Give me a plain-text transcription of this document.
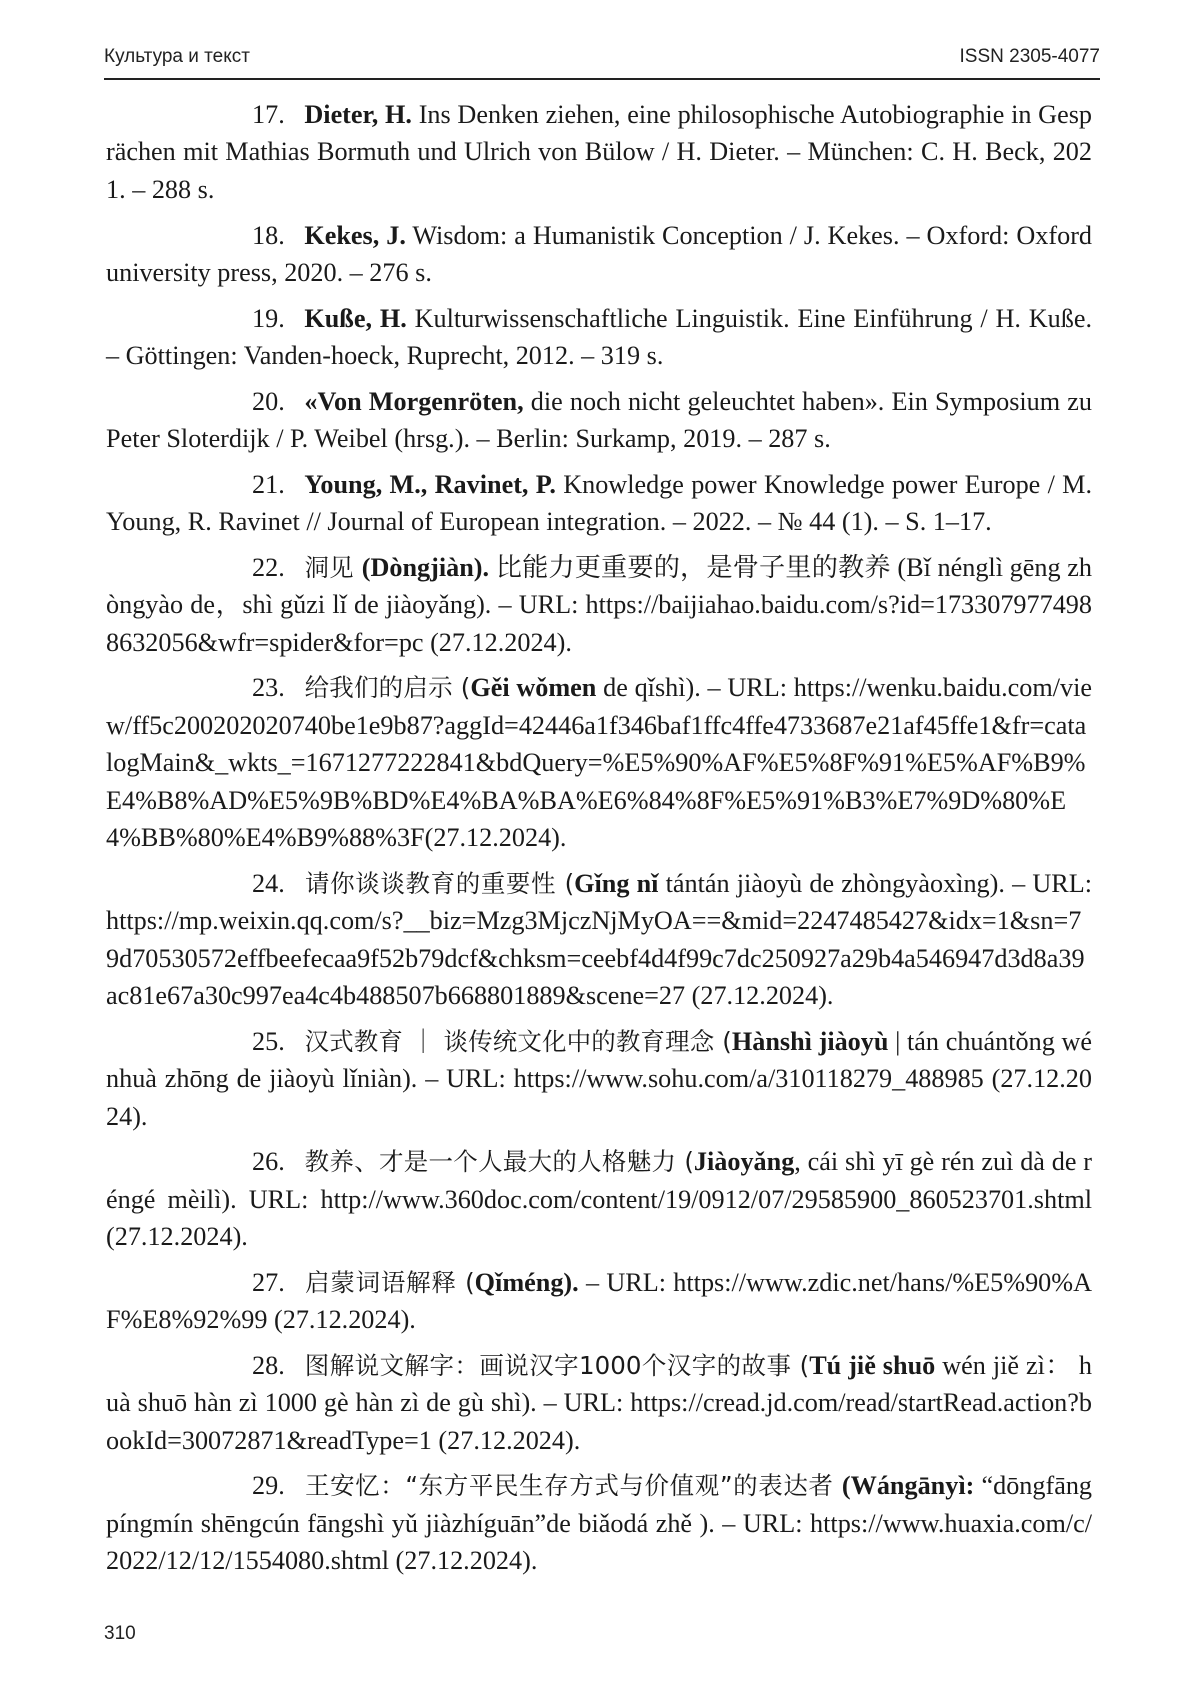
Культура и текст	ISSN 2305-4077

17. Dieter, H. Ins Denken ziehen, eine philosophische Autobiographie in Gesprächen mit Mathias Bormuth und Ulrich von Bülow / H. Dieter. – München: C. H. Beck, 2021. – 288 s.

18. Kekes, J. Wisdom: a Humanistik Conception / J. Kekes. – Oxford: Oxford university press, 2020. – 276 s.

19. Kuße, H. Kulturwissenschaftliche Linguistik. Eine Einführung / H. Kuße. – Göttingen: Vanden-hoeck, Ruprecht, 2012. – 319 s.

20. «Von Morgenröten, die noch nicht geleuchtet haben». Ein Symposium zu Peter Sloterdijk / P. Weibel (hrsg.). – Berlin: Surkamp, 2019. – 287 s.

21. Young, M., Ravinet, P. Knowledge power Knowledge power Europe / M. Young, R. Ravinet // Journal of European integration. – 2022. – № 44 (1). – S. 1–17.

22. 洞见 (Dòngjiàn). 比能力更重要的，是骨子里的教养 (Bǐ nénglì gēng zhòngyào de，shì gǔzi lǐ de jiàoyǎng). – URL: https://baijiahao.baidu.com/s?id=1733079774988632056&wfr=spider&for=pc (27.12.2024).

23. 给我们的启示 (Gěi wǒmen de qǐshì). – URL: https://wenku.baidu.com/view/ff5c200202020740be1e9b87?aggId=42446a1f346baf1ffc4ffe4733687e21af45ffe1&fr=catalogMain&_wkts_=1671277222841&bdQuery=%E5%90%AF%E5%8F%91%E5%AF%B9%E4%B8%AD%E5%9B%BD%E4%BA%BA%E6%84%8F%E5%91%B3%E7%9D%80%E4%BB%80%E4%B9%88%3F(27.12.2024).

24. 请你谈谈教育的重要性 (Gǐng nǐ tántán jiàoyù de zhòngyàoxìng). – URL: https://mp.weixin.qq.com/s?__biz=Mzg3MjczNjMyOA==&mid=2247485427&idx=1&sn=79d70530572effbeefecaa9f52b79dcf&chksm=ceebf4d4f99c7dc250927a29b4a546947d3d8a39ac81e67a30c997ea4c4b488507b668801889&scene=27 (27.12.2024).

25. 汉式教育 ｜ 谈传统文化中的教育理念 (Hànshì jiàoyù | tán chuántǒng wénhuà zhōng de jiàoyù lǐniàn). – URL: https://www.sohu.com/a/310118279_488985 (27.12.2024).

26. 教养、才是一个人最大的人格魅力 (Jiàoyǎng, cái shì yī gè rén zuì dà de réngé mèilì). URL: http://www.360doc.com/content/19/0912/07/29585900_860523701.shtml (27.12.2024).

27. 启蒙词语解释 (Qǐméng). – URL: https://www.zdic.net/hans/%E5%90%AF%E8%92%99 (27.12.2024).

28. 图解说文解字：画说汉字1000个汉字的故事 (Tú jiě shuō wén jiě zì： huà shuō hàn zì 1000 gè hàn zì de gù shì). – URL: https://cread.jd.com/read/startRead.action?bookId=30072871&readType=1 (27.12.2024).

29. 王安忆：“东方平民生存方式与价值观”的表达者 (Wángānyì: “dōngfāng píngmín shēngcún fāngshì yǔ jiàzhíguān”de biǎodá zhě ). – URL: https://www.huaxia.com/c/2022/12/12/1554080.shtml (27.12.2024).

310
